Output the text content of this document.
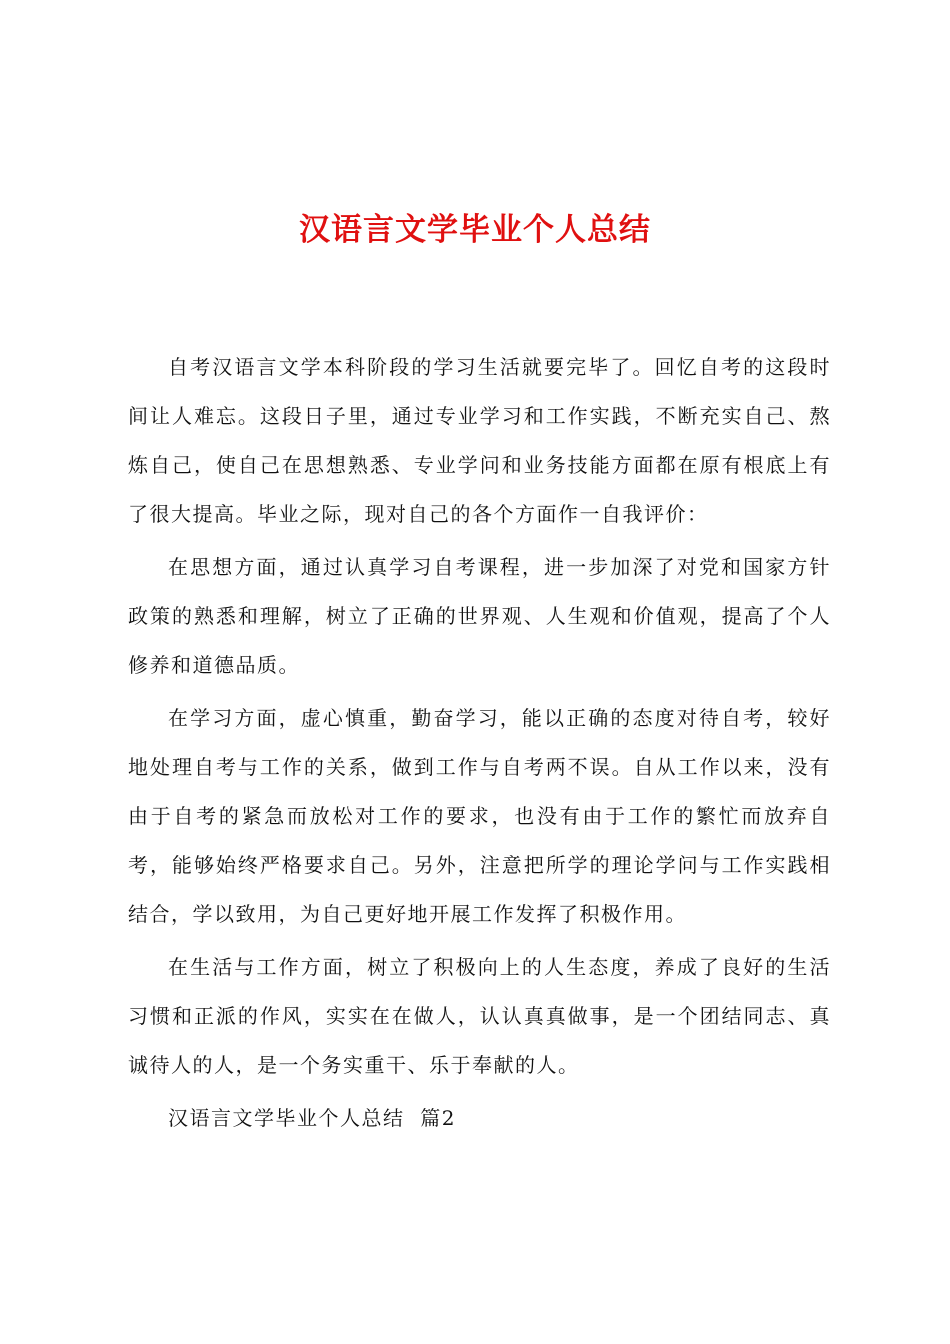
汉语言文学毕业个人总结

自考汉语言文学本科阶段的学习生活就要完毕了。回忆自考的这段时间让人难忘。这段日子里，通过专业学习和工作实践，不断充实自己、熬炼自己，使自己在思想熟悉、专业学问和业务技能方面都在原有根底上有了很大提高。毕业之际，现对自己的各个方面作一自我评价：

在思想方面，通过认真学习自考课程，进一步加深了对党和国家方针政策的熟悉和理解，树立了正确的世界观、人生观和价值观，提高了个人修养和道德品质。

在学习方面，虚心慎重，勤奋学习，能以正确的态度对待自考，较好地处理自考与工作的关系，做到工作与自考两不误。自从工作以来，没有由于自考的紧急而放松对工作的要求，也没有由于工作的繁忙而放弃自考，能够始终严格要求自己。另外，注意把所学的理论学问与工作实践相结合，学以致用，为自己更好地开展工作发挥了积极作用。

在生活与工作方面，树立了积极向上的人生态度，养成了良好的生活习惯和正派的作风，实实在在做人，认认真真做事，是一个团结同志、真诚待人的人，是一个务实重干、乐于奉献的人。

汉语言文学毕业个人总结  篇2
